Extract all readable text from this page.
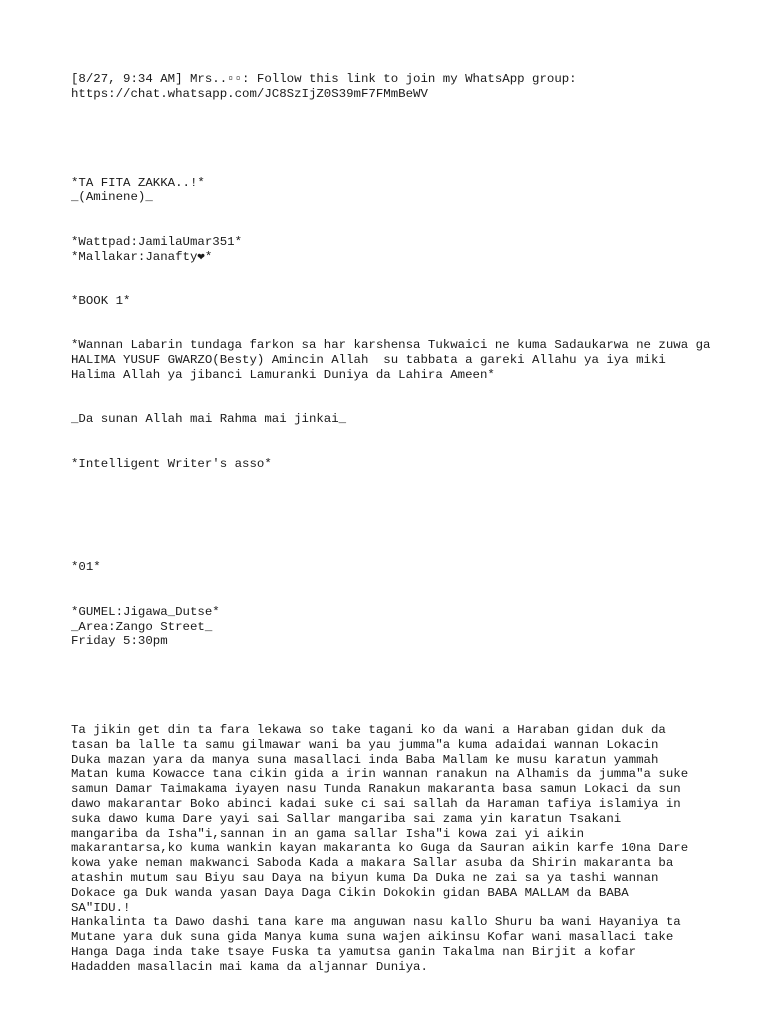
[8/27, 9:34 AM] Mrs..▫▫: Follow this link to join my WhatsApp group:
https://chat.whatsapp.com/JC8SzIjZ0S39mF7FMmBeWV
*TA FITA ZAKKA..!*
_(Aminene)_
*Wattpad:JamilaUmar351*
*Mallakar:Janafty❤*
*BOOK 1*
*Wannan Labarin tundaga farkon sa har karshensa Tukwaici ne kuma Sadaukarwa ne zuwa ga HALIMA YUSUF GWARZO(Besty) Amincin Allah  su tabbata a gareki Allahu ya iya miki Halima Allah ya jibanci Lamuranki Duniya da Lahira Ameen*
_Da sunan Allah mai Rahma mai jinkai_
*Intelligent Writer's asso*
*01*
*GUMEL:Jigawa_Dutse*
_Area:Zango Street_
Friday 5:30pm
Ta jikin get din ta fara lekawa so take tagani ko da wani a Haraban gidan duk da
tasan ba lalle ta samu gilmawar wani ba yau jumma"a kuma adaidai wannan Lokacin
Duka mazan yara da manya suna masallaci inda Baba Mallam ke musu karatun yammah
Matan kuma Kowacce tana cikin gida a irin wannan ranakun na Alhamis da jumma"a suke
samun Damar Taimakama iyayen nasu Tunda Ranakun makaranta basa samun Lokaci da sun
dawo makarantar Boko abinci kadai suke ci sai sallah da Haraman tafiya islamiya in
suka dawo kuma Dare yayi sai Sallar mangariba sai zama yin karatun Tsakani
mangariba da Isha"i,sannan in an gama sallar Isha"i kowa zai yi aikin
makarantarsa,ko kuma wankin kayan makaranta ko Guga da Sauran aikin karfe 10na Dare
kowa yake neman makwanci Saboda Kada a makara Sallar asuba da Shirin makaranta ba
atashin mutum sau Biyu sau Daya na biyun kuma Da Duka ne zai sa ya tashi wannan
Dokace ga Duk wanda yasan Daya Daga Cikin Dokokin gidan BABA MALLAM da BABA
SA"IDU.!
Hankalinta ta Dawo dashi tana kare ma anguwan nasu kallo Shuru ba wani Hayaniya ta
Mutane yara duk suna gida Manya kuma suna wajen aikinsu Kofar wani masallaci take
Hanga Daga inda take tsaye Fuska ta yamutsa ganin Takalma nan Birjit a kofar
Hadadden masallacin mai kama da aljannar Duniya.
